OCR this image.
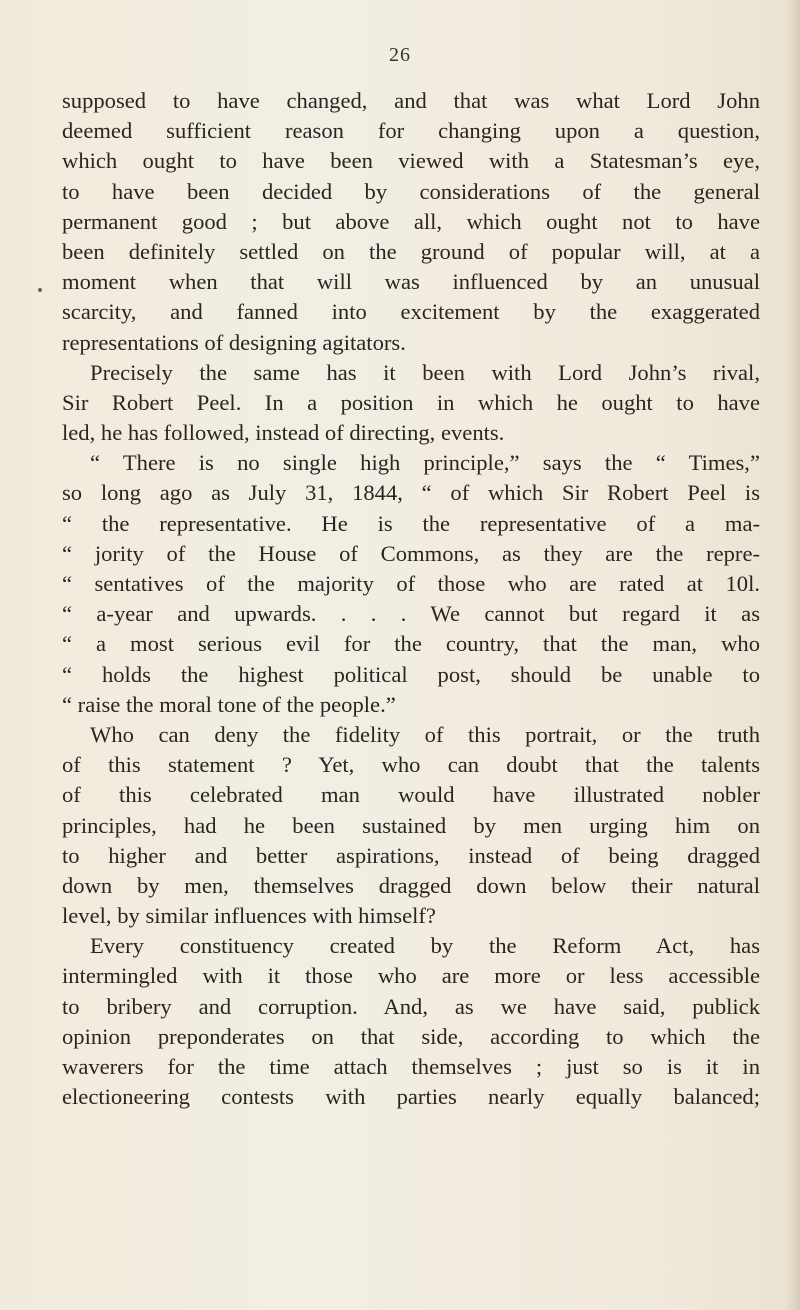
26
supposed to have changed, and that was what Lord John
deemed sufficient reason for changing upon a question,
which ought to have been viewed with a Statesman’s eye,
to have been decided by considerations of the general
permanent good ; but above all, which ought not to have
been definitely settled on the ground of popular will, at a
moment when that will was influenced by an unusual
scarcity, and fanned into excitement by the exaggerated
representations of designing agitators.
Precisely the same has it been with Lord John’s rival,
Sir Robert Peel. In a position in which he ought to have
led, he has followed, instead of directing, events.
“ There is no single high principle,” says the “ Times,”
so long ago as July 31, 1844, “ of which Sir Robert Peel is
“ the representative. He is the representative of a ma-
“ jority of the House of Commons, as they are the repre-
“ sentatives of the majority of those who are rated at 10l.
“ a-year and upwards. . . . We cannot but regard it as
“ a most serious evil for the country, that the man, who
“ holds the highest political post, should be unable to
“ raise the moral tone of the people.”
Who can deny the fidelity of this portrait, or the truth
of this statement ? Yet, who can doubt that the talents
of this celebrated man would have illustrated nobler
principles, had he been sustained by men urging him on
to higher and better aspirations, instead of being dragged
down by men, themselves dragged down below their natural
level, by similar influences with himself?
Every constituency created by the Reform Act, has
intermingled with it those who are more or less accessible
to bribery and corruption. And, as we have said, publick
opinion preponderates on that side, according to which the
waverers for the time attach themselves ; just so is it in
electioneering contests with parties nearly equally balanced;
